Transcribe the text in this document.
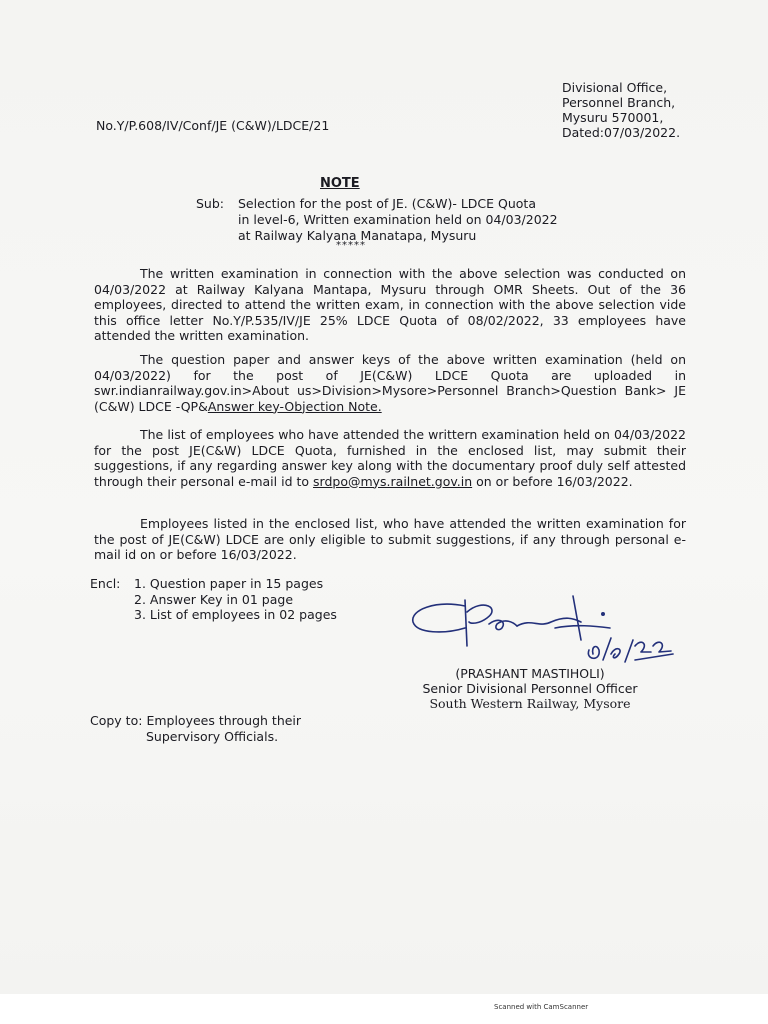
Divisional Office,
Personnel Branch,
Mysuru 570001,
Dated:07/03/2022.
No.Y/P.608/IV/Conf/JE (C&W)/LDCE/21
NOTE
Sub:	Selection for the post of JE. (C&W)- LDCE Quota
in level-6, Written examination held on 04/03/2022
at Railway Kalyana Manatapa, Mysuru
*****
The written examination in connection with the above selection was conducted on 04/03/2022 at Railway Kalyana Mantapa, Mysuru through OMR Sheets. Out of the 36 employees, directed to attend the written exam, in connection with the above selection vide this office letter No.Y/P.535/IV/JE 25% LDCE Quota of 08/02/2022, 33 employees have attended the written examination.
The question paper and answer keys of the above written examination (held on 04/03/2022) for the post of JE(C&W) LDCE Quota are uploaded in swr.indianrailway.gov.in>About us>Division>Mysore>Personnel Branch>Question Bank> JE (C&W) LDCE -QP&Answer key-Objection Note.
The list of employees who have attended the writtern examination held on 04/03/2022 for the post JE(C&W) LDCE Quota, furnished in the enclosed list, may submit their suggestions, if any regarding answer key along with the documentary proof duly self attested through their personal e-mail id to srdpo@mys.railnet.gov.in on or before 16/03/2022.
Employees listed in the enclosed list, who have attended the written examination for the post of JE(C&W) LDCE are only eligible to submit suggestions, if any through personal e-mail id on or before 16/03/2022.
Encl:	1. Question paper in 15 pages
2. Answer Key in 01 page
3. List of employees in 02 pages
(PRASHANT MASTIHOLI)
Senior Divisional Personnel Officer
South Western Railway, Mysore
Copy to: Employees through their
Supervisory Officials.
Scanned with CamScanner
